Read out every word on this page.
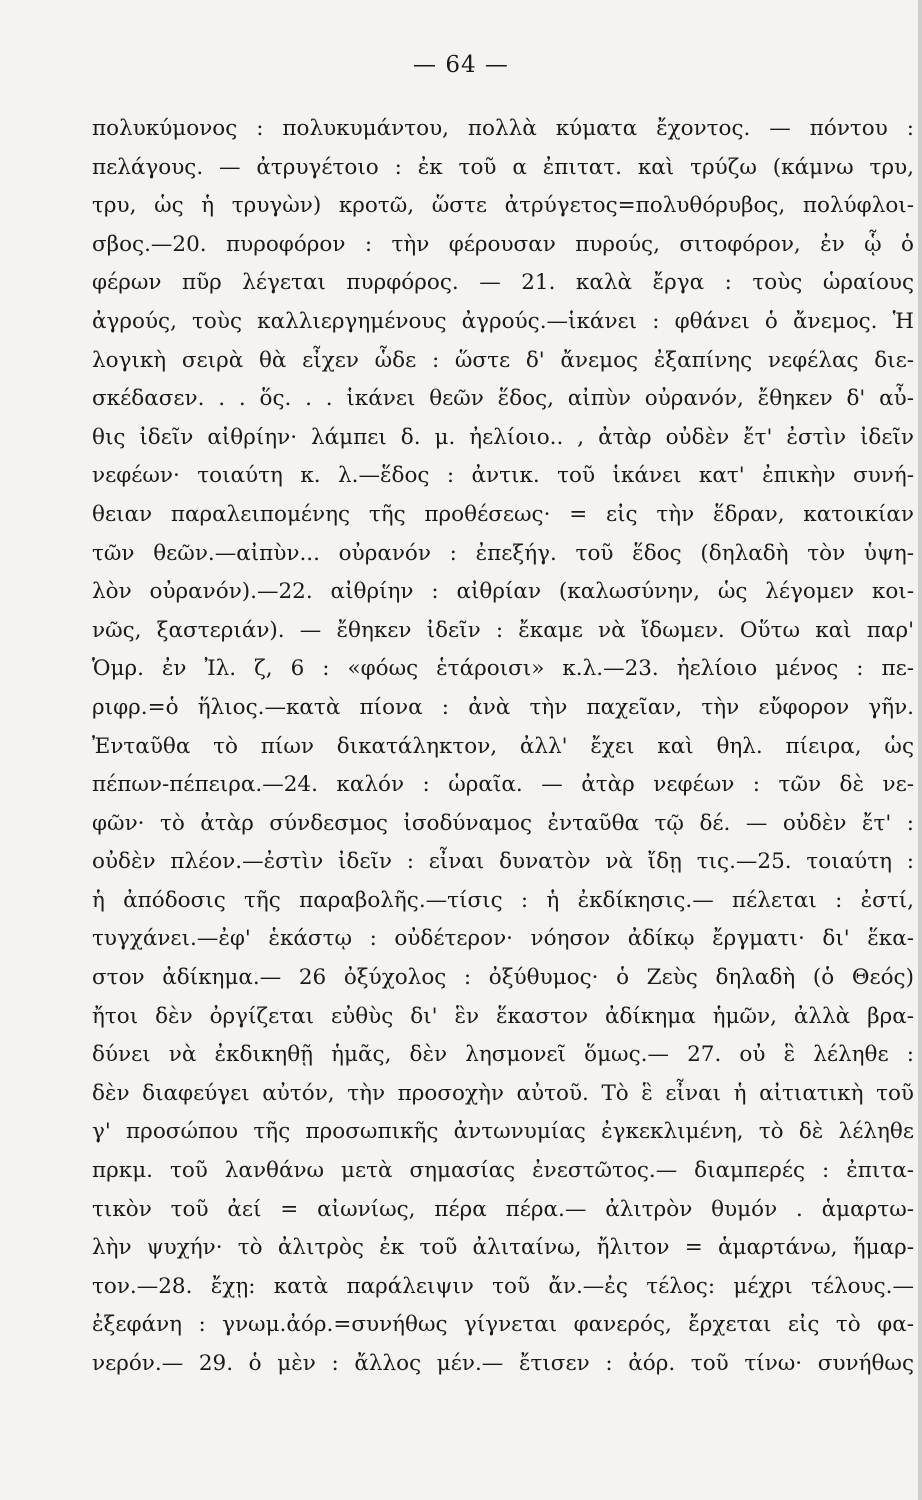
— 64 —
πολυκύμονος : πολυκυμάντου, πολλὰ κύματα ἔχοντος. — πόντου :
πελάγους. — ἀτρυγέτοιο : ἐκ τοῦ α ἐπιτατ. καὶ τρύζω (κάμνω τρυ,
τρυ, ὡς ἡ τρυγὼν) κροτῶ, ὥστε ἀτρύγετος=πολυθόρυβος, πολύφλοι-
σβος.—20. πυροφόρον : τὴν φέρουσαν πυρούς, σιτοφόρον, ἐν ᾧ ὁ
φέρων πῦρ λέγεται πυρφόρος. — 21. καλὰ ἔργα : τοὺς ὡραίους
ἀγρούς, τοὺς καλλιεργημένους ἀγρούς.—ἱκάνει : φθάνει ὁ ἄνεμος. Ἡ
λογικὴ σειρὰ θὰ εἶχεν ὧδε : ὥστε δ' ἄνεμος ἐξαπίνης νεφέλας διε-
σκέδασεν. . . ὅς. . . ἱκάνει θεῶν ἕδος, αἰπὺν οὐρανόν, ἔθηκεν δ' αὖ-
θις ἰδεῖν αἰθρίην· λάμπει δ. μ. ἠελίοιο.. , ἀτὰρ οὐδὲν ἔτ' ἐστὶν ἰδεῖν
νεφέων· τοιαύτη κ. λ.—ἕδος : ἀντικ. τοῦ ἱκάνει κατ' ἐπικὴν συνή-
θειαν παραλειπομένης τῆς προθέσεως· = εἰς τὴν ἕδραν, κατοικίαν
τῶν θεῶν.—αἰπὺν... οὐρανόν : ἐπεξήγ. τοῦ ἕδος (δηλαδὴ τὸν ὑψη-
λὸν οὐρανόν).—22. αἰθρίην : αἰθρίαν (καλωσύνην, ὡς λέγομεν κοι-
νῶς, ξαστεριάν). — ἔθηκεν ἰδεῖν : ἔκαμε νὰ ἴδωμεν. Οὕτω καὶ παρ'
Ὁμρ. ἐν Ἰλ. ζ, 6 : «φόως ἑτάροισι» κ.λ.—23. ἠελίοιο μένος : πε-
ριφρ.=ὁ ἥλιος.—κατὰ πίονα : ἀνὰ τὴν παχεῖαν, τὴν εὔφορον γῆν.
Ἐνταῦθα τὸ πίων δικατάληκτον, ἀλλ' ἔχει καὶ θηλ. πίειρα, ὡς
πέπων-πέπειρα.—24. καλόν : ὡραῖα. — ἀτὰρ νεφέων : τῶν δὲ νε-
φῶν· τὸ ἀτὰρ σύνδεσμος ἰσοδύναμος ἐνταῦθα τῷ δέ. — οὐδὲν ἔτ' :
οὐδὲν πλέον.—ἐστὶν ἰδεῖν : εἶναι δυνατὸν νὰ ἴδῃ τις.—25. τοιαύτη :
ἡ ἀπόδοσις τῆς παραβολῆς.—τίσις : ἡ ἐκδίκησις.— πέλεται : ἐστί,
τυγχάνει.—ἐφ' ἑκάστῳ : οὐδέτερον· νόησον ἀδίκῳ ἔργματι· δι' ἕκα-
στον ἀδίκημα.— 26 ὀξύχολος : ὀξύθυμος· ὁ Ζεὺς δηλαδὴ (ὁ Θεός)
ἤτοι δὲν ὀργίζεται εὐθὺς δι' ἓν ἕκαστον ἀδίκημα ἡμῶν, ἀλλὰ βρα-
δύνει νὰ ἐκδικηθῇ ἡμᾶς, δὲν λησμονεῖ ὅμως.— 27. οὐ ἓ λέληθε :
δὲν διαφεύγει αὐτόν, τὴν προσοχὴν αὐτοῦ. Τὸ ἓ εἶναι ἡ αἰτιατικὴ τοῦ
γ' προσώπου τῆς προσωπικῆς ἀντωνυμίας ἐγκεκλιμένη, τὸ δὲ λέληθε
πρκμ. τοῦ λανθάνω μετὰ σημασίας ἐνεστῶτος.— διαμπερές : ἐπιτα-
τικὸν τοῦ ἀεί = αἰωνίως, πέρα πέρα.— ἀλιτρὸν θυμόν . ἁμαρτω-
λὴν ψυχήν· τὸ ἀλιτρὸς ἐκ τοῦ ἀλιταίνω, ἤλιτον = ἁμαρτάνω, ἥμαρ-
τον.—28. ἔχῃ: κατὰ παράλειψιν τοῦ ἄν.—ἐς τέλος: μέχρι τέλους.—
ἐξεφάνη : γνωμ.ἀόρ.=συνήθως γίγνεται φανερός, ἔρχεται εἰς τὸ φα-
νερόν.— 29. ὁ μὲν : ἄλλος μέν.— ἔτισεν : ἀόρ. τοῦ τίνω· συνήθως
